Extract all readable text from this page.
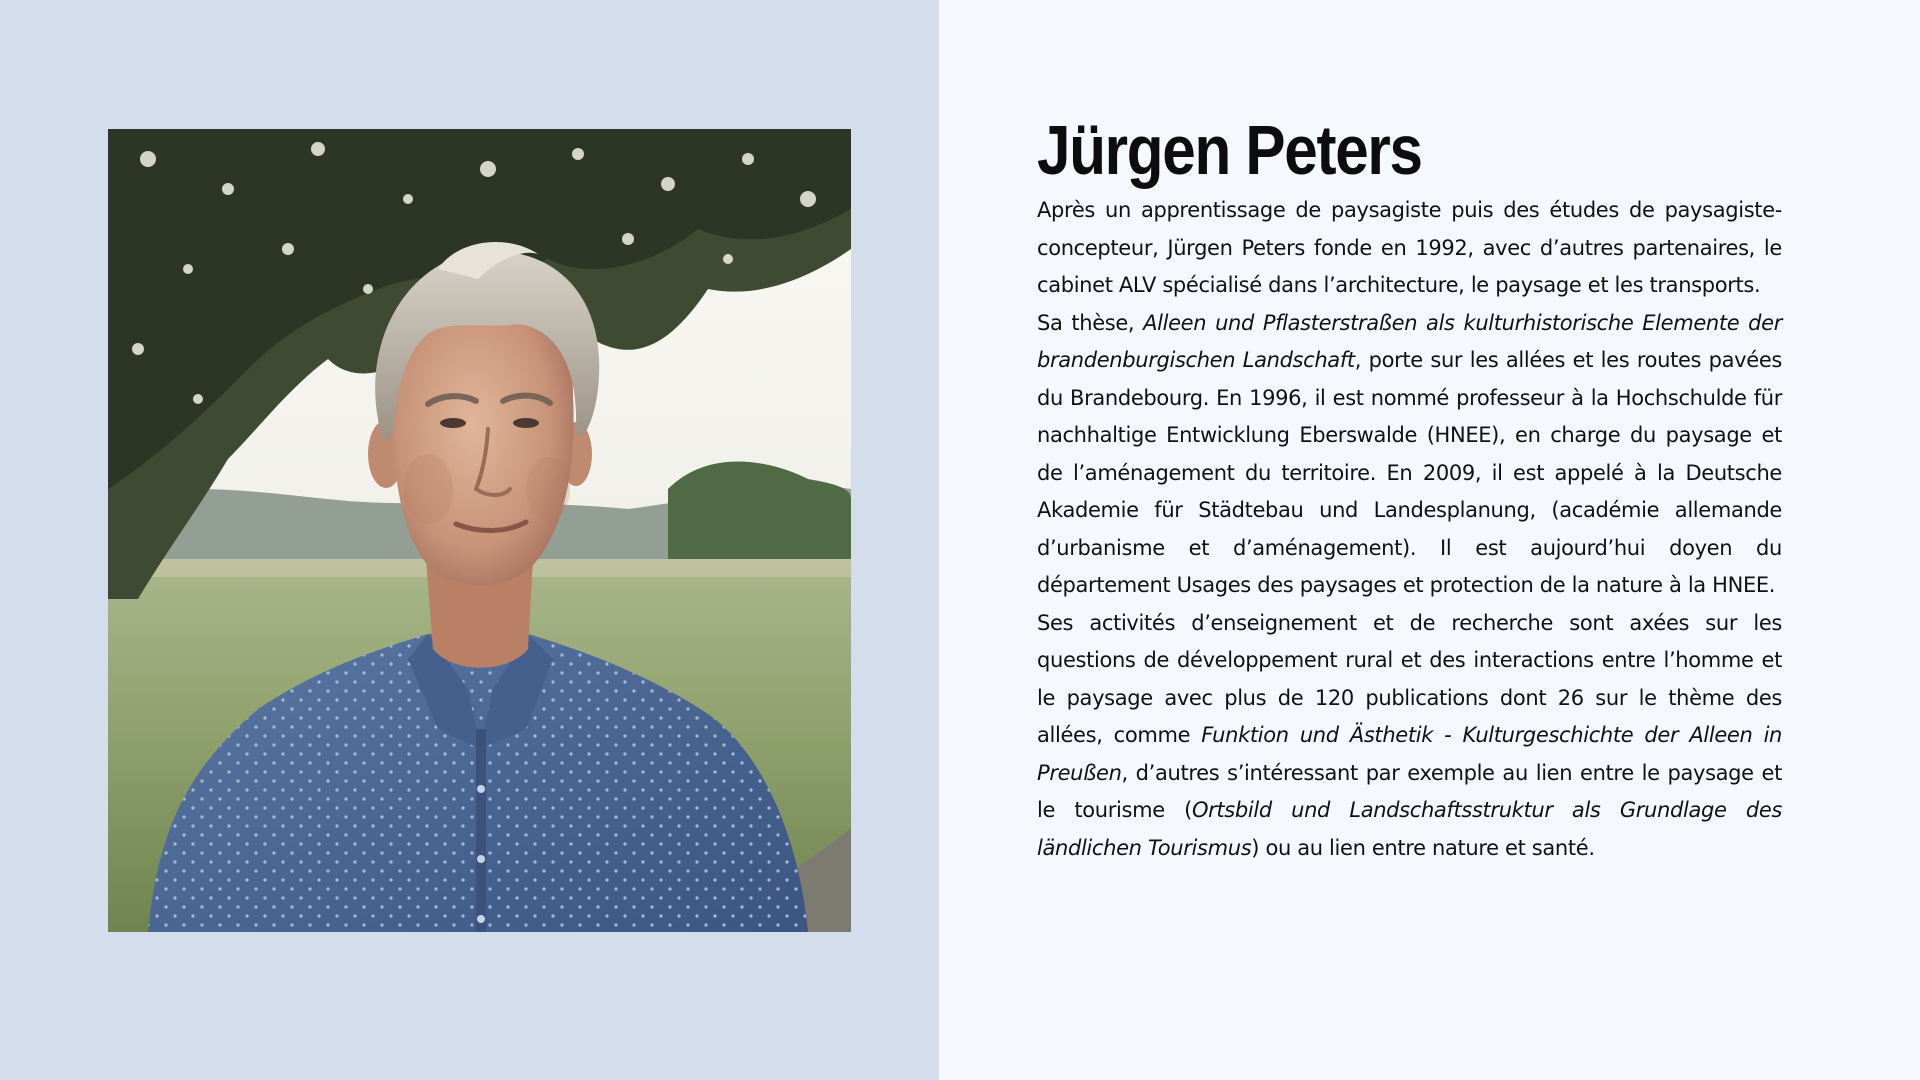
Jürgen Peters

Après un apprentissage de paysagiste puis des études de paysagiste-concepteur, Jürgen Peters fonde en 1992, avec d’autres partenaires, le cabinet ALV spécialisé dans l’architecture, le paysage et les transports.

Sa thèse, Alleen und Pflasterstraßen als kulturhistorische Elemente der brandenburgischen Landschaft, porte sur les allées et les routes pavées du Brandebourg. En 1996, il est nommé professeur à la Hochschulde für nachhaltige Entwicklung Eberswalde (HNEE), en charge du paysage et de l’aménagement du territoire. En 2009, il est appelé à la Deutsche Akademie für Städtebau und Landesplanung, (académie allemande d’urbanisme et d’aménagement). Il est aujourd’hui doyen du département Usages des paysages et protection de la nature à la HNEE.

Ses activités d’enseignement et de recherche sont axées sur les questions de développement rural et des interactions entre l’homme et le paysage avec plus de 120 publications dont 26 sur le thème des allées, comme Funktion und Ästhetik - Kulturgeschichte der Alleen in Preußen, d’autres s’intéressant par exemple au lien entre le paysage et le tourisme (Ortsbild und Landschaftsstruktur als Grundlage des ländlichen Tourismus) ou au lien entre nature et santé.
